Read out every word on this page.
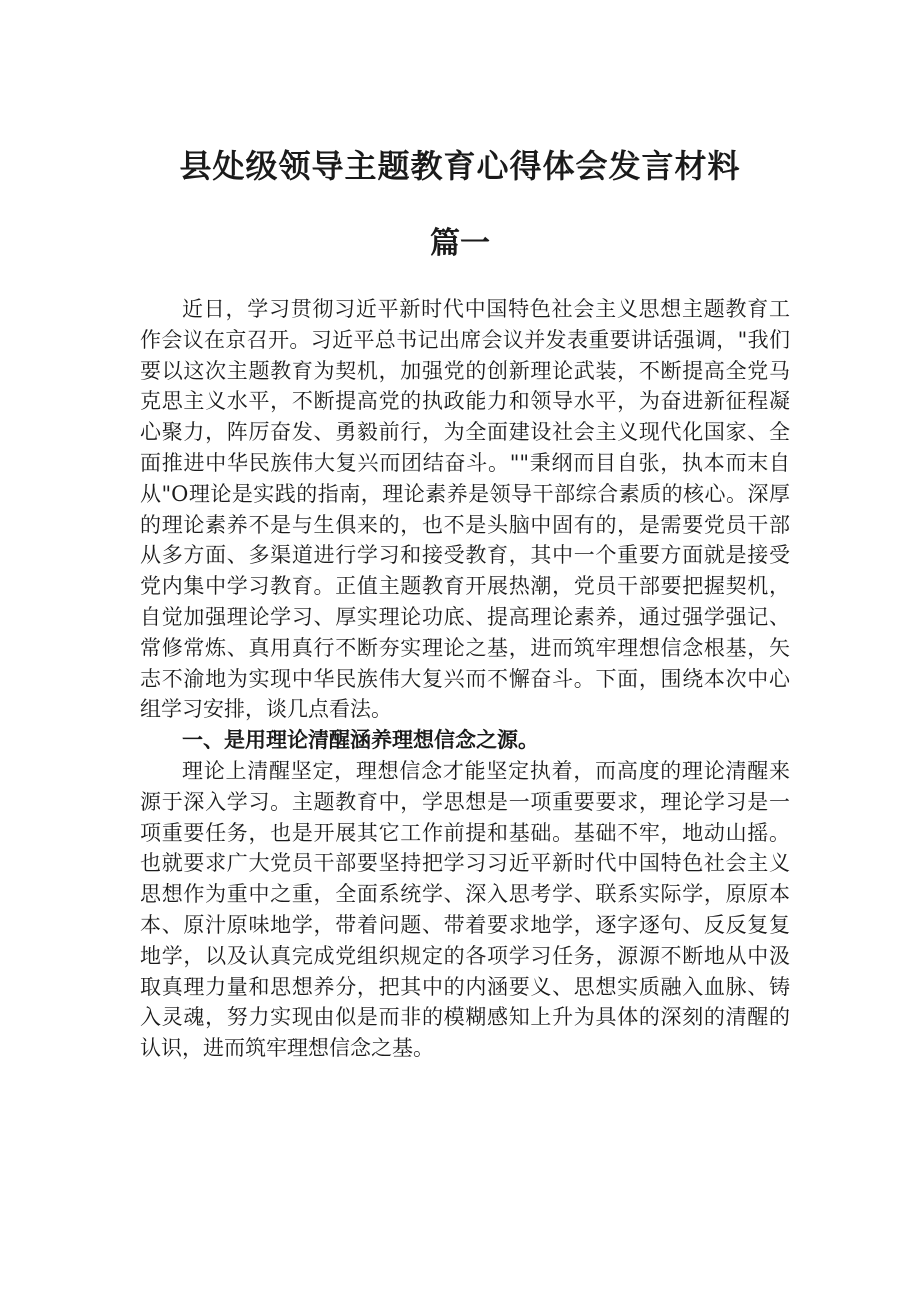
县处级领导主题教育心得体会发言材料
篇一

近日，学习贯彻习近平新时代中国特色社会主义思想主题教育工作会议在京召开。习近平总书记出席会议并发表重要讲话强调，"我们要以这次主题教育为契机，加强党的创新理论武装，不断提高全党马克思主义水平，不断提高党的执政能力和领导水平，为奋进新征程凝心聚力，阵厉奋发、勇毅前行，为全面建设社会主义现代化国家、全面推进中华民族伟大复兴而团结奋斗。""秉纲而目自张，执本而末自从"O理论是实践的指南，理论素养是领导干部综合素质的核心。深厚的理论素养不是与生俱来的，也不是头脑中固有的，是需要党员干部从多方面、多渠道进行学习和接受教育，其中一个重要方面就是接受党内集中学习教育。正值主题教育开展热潮，党员干部要把握契机，自觉加强理论学习、厚实理论功底、提高理论素养，通过强学强记、常修常炼、真用真行不断夯实理论之基，进而筑牢理想信念根基，矢志不渝地为实现中华民族伟大复兴而不懈奋斗。下面，围绕本次中心组学习安排，谈几点看法。

一、是用理论清醒涵养理想信念之源。

理论上清醒坚定，理想信念才能坚定执着，而高度的理论清醒来源于深入学习。主题教育中，学思想是一项重要要求，理论学习是一项重要任务，也是开展其它工作前提和基础。基础不牢，地动山摇。也就要求广大党员干部要坚持把学习习近平新时代中国特色社会主义思想作为重中之重，全面系统学、深入思考学、联系实际学，原原本本、原汁原味地学，带着问题、带着要求地学，逐字逐句、反反复复地学，以及认真完成党组织规定的各项学习任务，源源不断地从中汲取真理力量和思想养分，把其中的内涵要义、思想实质融入血脉、铸入灵魂，努力实现由似是而非的模糊感知上升为具体的深刻的清醒的认识，进而筑牢理想信念之基。
